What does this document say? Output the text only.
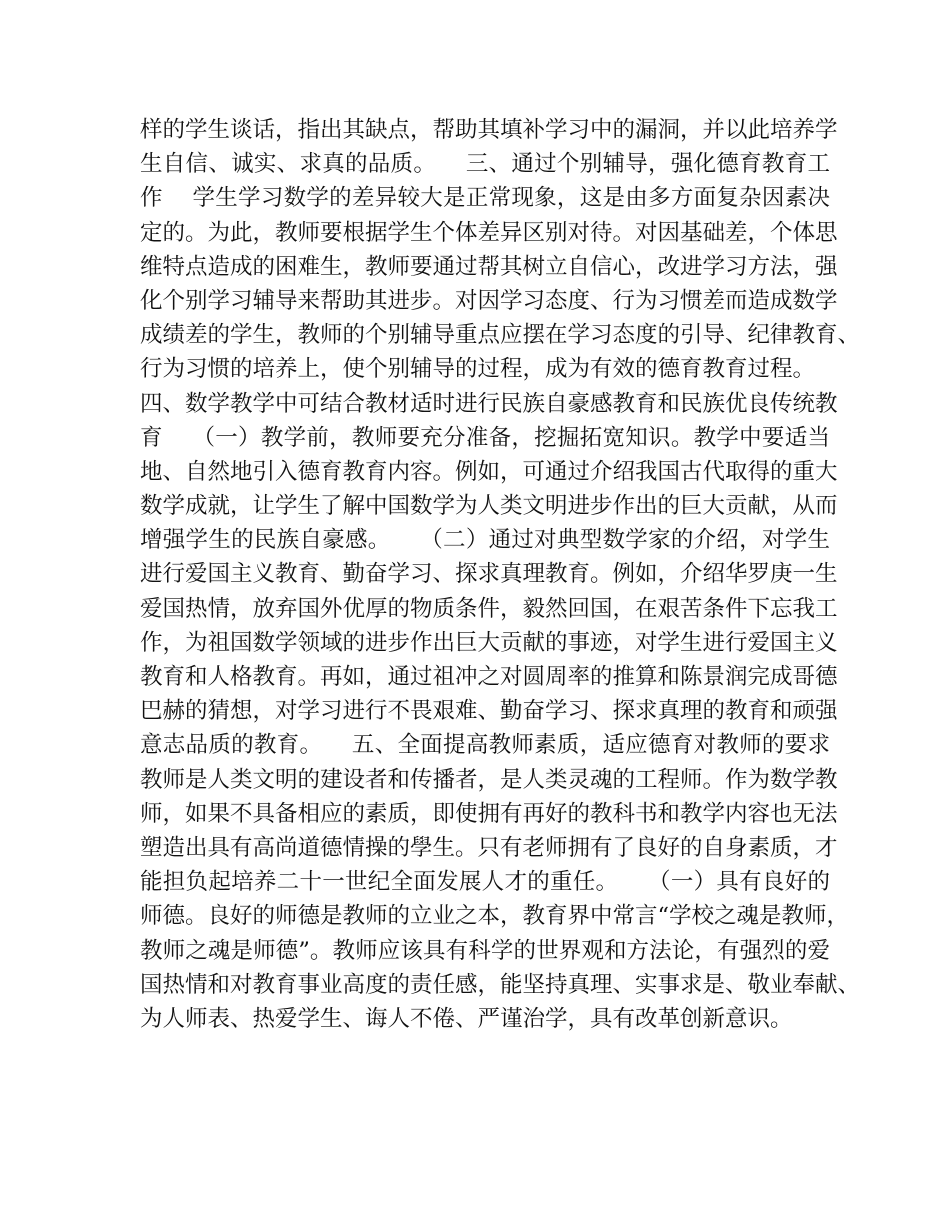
样的学生谈话，指出其缺点，帮助其填补学习中的漏洞，并以此培养学
生自信、诚实、求真的品质。    三、通过个别辅导，强化德育教育工
作    学生学习数学的差异较大是正常现象，这是由多方面复杂因素决
定的。为此，教师要根据学生个体差异区别对待。对因基础差，个体思
维特点造成的困难生，教师要通过帮其树立自信心，改进学习方法，强
化个别学习辅导来帮助其进步。对因学习态度、行为习惯差而造成数学
成绩差的学生，教师的个别辅导重点应摆在学习态度的引导、纪律教育、
行为习惯的培养上，使个别辅导的过程，成为有效的德育教育过程。
四、数学教学中可结合教材适时进行民族自豪感教育和民族优良传统教
育    （一）教学前，教师要充分准备，挖掘拓宽知识。教学中要适当
地、自然地引入德育教育内容。例如，可通过介绍我国古代取得的重大
数学成就，让学生了解中国数学为人类文明进步作出的巨大贡献，从而
增强学生的民族自豪感。    （二）通过对典型数学家的介绍，对学生
进行爱国主义教育、勤奋学习、探求真理教育。例如，介绍华罗庚一生
爱国热情，放弃国外优厚的物质条件，毅然回国，在艰苦条件下忘我工
作，为祖国数学领域的进步作出巨大贡献的事迹，对学生进行爱国主义
教育和人格教育。再如，通过祖冲之对圆周率的推算和陈景润完成哥德
巴赫的猜想，对学习进行不畏艰难、勤奋学习、探求真理的教育和顽强
意志品质的教育。    五、全面提高教师素质，适应德育对教师的要求
教师是人类文明的建设者和传播者，是人类灵魂的工程师。作为数学教
师，如果不具备相应的素质，即使拥有再好的教科书和教学内容也无法
塑造出具有高尚道德情操的學生。只有老师拥有了良好的自身素质，才
能担负起培养二十一世纪全面发展人才的重任。    （一）具有良好的
师德。良好的师德是教师的立业之本，教育界中常言“学校之魂是教师，
教师之魂是师德”。教师应该具有科学的世界观和方法论，有强烈的爱
国热情和对教育事业高度的责任感，能坚持真理、实事求是、敬业奉献、
为人师表、热爱学生、诲人不倦、严谨治学，具有改革创新意识。
